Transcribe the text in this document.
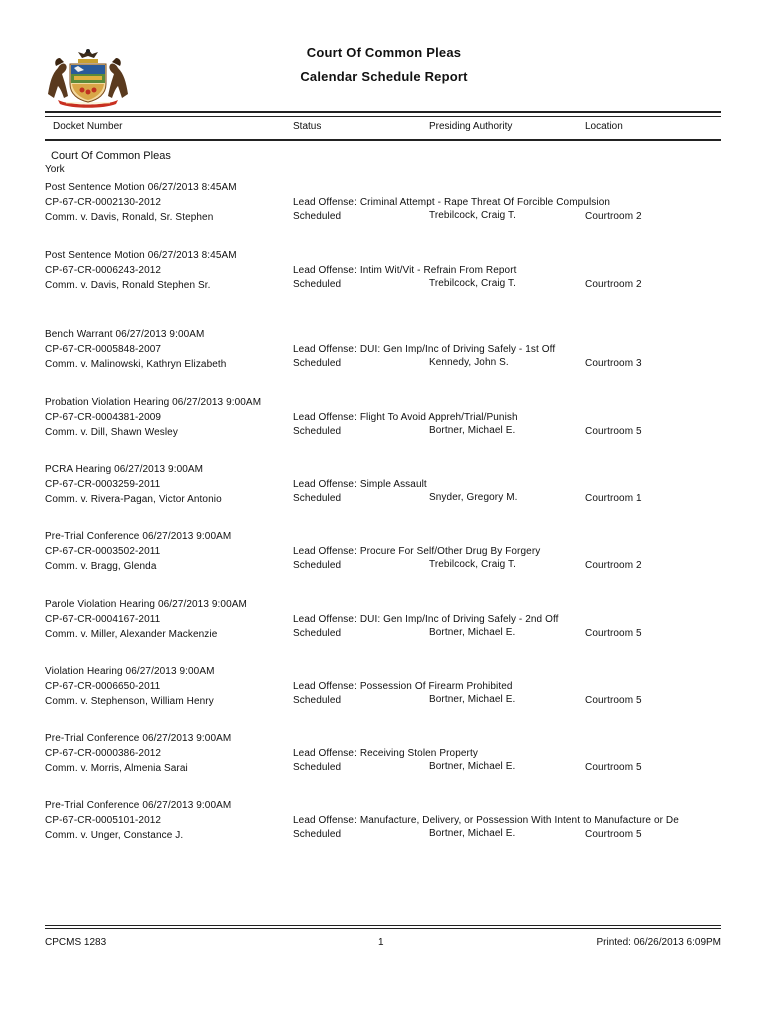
Court Of Common Pleas
Calendar Schedule Report
Docket Number	Status	Presiding Authority	Location
Court Of Common Pleas
York
Post Sentence Motion 06/27/2013 8:45AM
CP-67-CR-0002130-2012
Comm. v. Davis, Ronald, Sr. Stephen
Lead Offense: Criminal Attempt - Rape Threat Of Forcible Compulsion
Scheduled	Trebilcock, Craig T.	Courtroom 2
Post Sentence Motion 06/27/2013 8:45AM
CP-67-CR-0006243-2012
Comm. v. Davis, Ronald Stephen Sr.
Lead Offense: Intim Wit/Vit - Refrain From Report
Scheduled	Trebilcock, Craig T.	Courtroom 2
Bench Warrant 06/27/2013 9:00AM
CP-67-CR-0005848-2007
Comm. v. Malinowski, Kathryn Elizabeth
Lead Offense: DUI: Gen Imp/Inc of Driving Safely - 1st Off
Scheduled	Kennedy, John S.	Courtroom 3
Probation Violation Hearing 06/27/2013 9:00AM
CP-67-CR-0004381-2009
Comm. v. Dill, Shawn Wesley
Lead Offense: Flight To Avoid Appreh/Trial/Punish
Scheduled	Bortner, Michael E.	Courtroom 5
PCRA Hearing 06/27/2013 9:00AM
CP-67-CR-0003259-2011
Comm. v. Rivera-Pagan, Victor Antonio
Lead Offense: Simple Assault
Scheduled	Snyder, Gregory M.	Courtroom 1
Pre-Trial Conference 06/27/2013 9:00AM
CP-67-CR-0003502-2011
Comm. v. Bragg, Glenda
Lead Offense: Procure For Self/Other Drug By Forgery
Scheduled	Trebilcock, Craig T.	Courtroom 2
Parole Violation Hearing 06/27/2013 9:00AM
CP-67-CR-0004167-2011
Comm. v. Miller, Alexander Mackenzie
Lead Offense: DUI: Gen Imp/Inc of Driving Safely - 2nd Off
Scheduled	Bortner, Michael E.	Courtroom 5
Violation Hearing 06/27/2013 9:00AM
CP-67-CR-0006650-2011
Comm. v. Stephenson, William Henry
Lead Offense: Possession Of Firearm Prohibited
Scheduled	Bortner, Michael E.	Courtroom 5
Pre-Trial Conference 06/27/2013 9:00AM
CP-67-CR-0000386-2012
Comm. v. Morris, Almenia Sarai
Lead Offense: Receiving Stolen Property
Scheduled	Bortner, Michael E.	Courtroom 5
Pre-Trial Conference 06/27/2013 9:00AM
CP-67-CR-0005101-2012
Comm. v. Unger, Constance J.
Lead Offense: Manufacture, Delivery, or Possession With Intent to Manufacture or De
Scheduled	Bortner, Michael E.	Courtroom 5
CPCMS 1283	1	Printed: 06/26/2013 6:09PM
